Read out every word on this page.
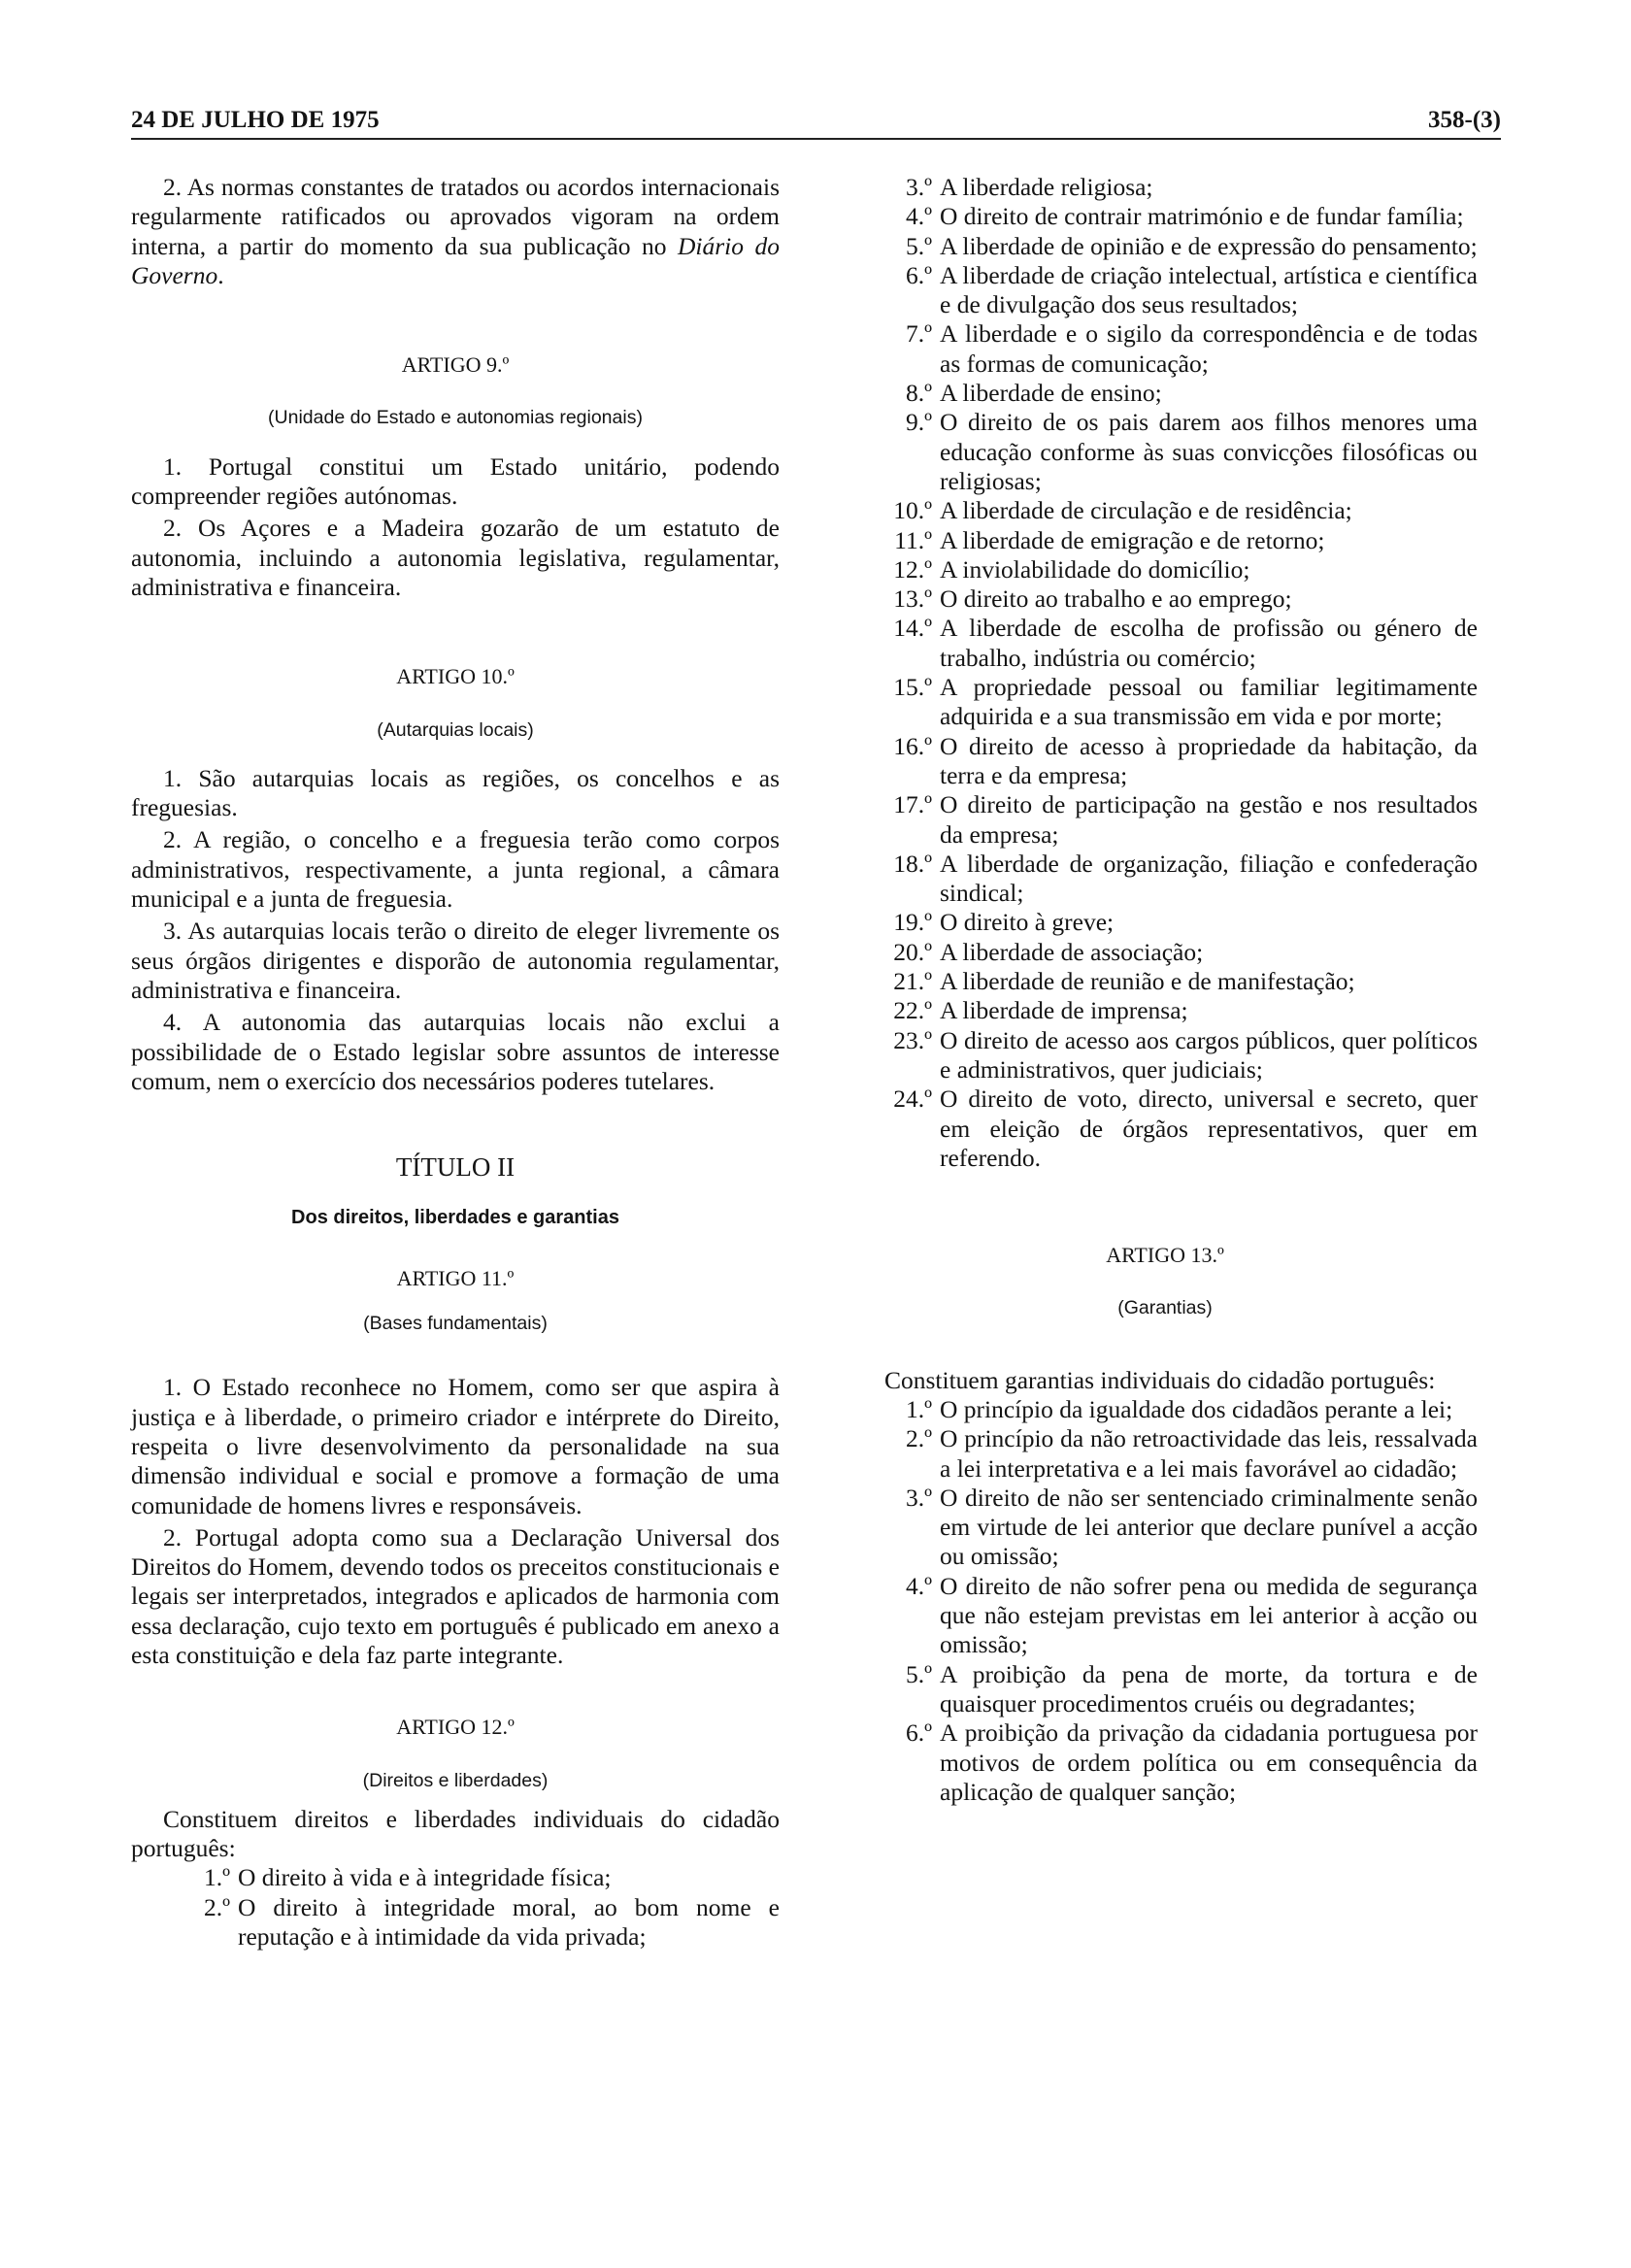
24 DE JULHO DE 1975	358-(3)

2. As normas constantes de tratados ou acordos internacionais regularmente ratificados ou aprovados vigoram na ordem interna, a partir do momento da sua publicação no Diário do Governo.

ARTIGO 9.º
(Unidade do Estado e autonomias regionais)

1. Portugal constitui um Estado unitário, podendo compreender regiões autónomas.

2. Os Açores e a Madeira gozarão de um estatuto de autonomia, incluindo a autonomia legislativa, regulamentar, administrativa e financeira.

ARTIGO 10.º
(Autarquias locais)

1. São autarquias locais as regiões, os concelhos e as freguesias.

2. A região, o concelho e a freguesia terão como corpos administrativos, respectivamente, a junta regional, a câmara municipal e a junta de freguesia.

3. As autarquias locais terão o direito de eleger livremente os seus órgãos dirigentes e disporão de autonomia regulamentar, administrativa e financeira.

4. A autonomia das autarquias locais não exclui a possibilidade de o Estado legislar sobre assuntos de interesse comum, nem o exercício dos necessários poderes tutelares.

TÍTULO II
Dos direitos, liberdades e garantias
ARTIGO 11.º
(Bases fundamentais)

1. O Estado reconhece no Homem, como ser que aspira à justiça e à liberdade, o primeiro criador e intérprete do Direito, respeita o livre desenvolvimento da personalidade na sua dimensão individual e social e promove a formação de uma comunidade de homens livres e responsáveis.

2. Portugal adopta como sua a Declaração Universal dos Direitos do Homem, devendo todos os preceitos constitucionais e legais ser interpretados, integrados e aplicados de harmonia com essa declaração, cujo texto em português é publicado em anexo a esta constituição e dela faz parte integrante.

ARTIGO 12.º
(Direitos e liberdades)

Constituem direitos e liberdades individuais do cidadão português:

1.º O direito à vida e à integridade física;
2.º O direito à integridade moral, ao bom nome e reputação e à intimidade da vida privada;
3.º A liberdade religiosa;
4.º O direito de contrair matrimónio e de fundar família;
5.º A liberdade de opinião e de expressão do pensamento;
6.º A liberdade de criação intelectual, artística e científica e de divulgação dos seus resultados;
7.º A liberdade e o sigilo da correspondência e de todas as formas de comunicação;
8.º A liberdade de ensino;
9.º O direito de os pais darem aos filhos menores uma educação conforme às suas convicções filosóficas ou religiosas;
10.º A liberdade de circulação e de residência;
11.º A liberdade de emigração e de retorno;
12.º A inviolabilidade do domicílio;
13.º O direito ao trabalho e ao emprego;
14.º A liberdade de escolha de profissão ou género de trabalho, indústria ou comércio;
15.º A propriedade pessoal ou familiar legitimamente adquirida e a sua transmissão em vida e por morte;
16.º O direito de acesso à propriedade da habitação, da terra e da empresa;
17.º O direito de participação na gestão e nos resultados da empresa;
18.º A liberdade de organização, filiação e confederação sindical;
19.º O direito à greve;
20.º A liberdade de associação;
21.º A liberdade de reunião e de manifestação;
22.º A liberdade de imprensa;
23.º O direito de acesso aos cargos públicos, quer políticos e administrativos, quer judiciais;
24.º O direito de voto, directo, universal e secreto, quer em eleição de órgãos representativos, quer em referendo.
ARTIGO 13.º
(Garantias)

Constituem garantias individuais do cidadão português:

1.º O princípio da igualdade dos cidadãos perante a lei;
2.º O princípio da não retroactividade das leis, ressalvada a lei interpretativa e a lei mais favorável ao cidadão;
3.º O direito de não ser sentenciado criminalmente senão em virtude de lei anterior que declare punível a acção ou omissão;
4.º O direito de não sofrer pena ou medida de segurança que não estejam previstas em lei anterior à acção ou omissão;
5.º A proibição da pena de morte, da tortura e de quaisquer procedimentos cruéis ou degradantes;
6.º A proibição da privação da cidadania portuguesa por motivos de ordem política ou em consequência da aplicação de qualquer sanção;
